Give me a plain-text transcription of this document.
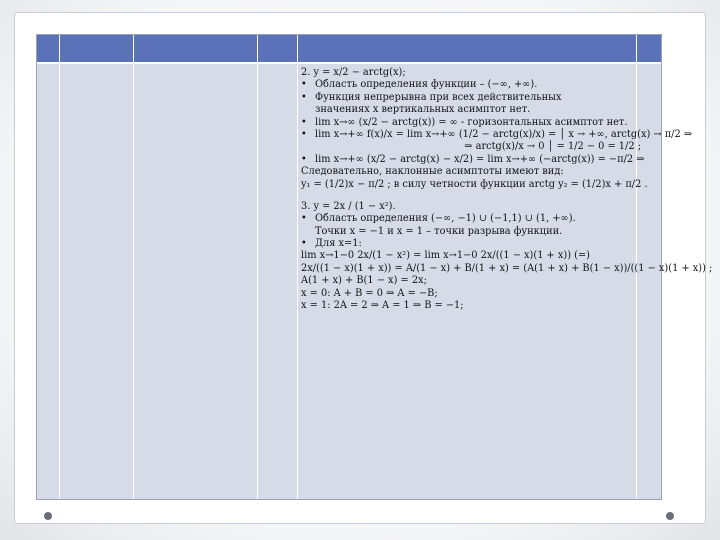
2. y = x/2 − arctg(x);
• Область определения функции – (−∞, +∞).
• Функция непрерывна при всех действительных
значениях x вертикальных асимптот нет.
• lim x→∞ (x/2 − arctg(x)) = ∞ - горизонтальных асимптот нет.
• lim x→+∞ f(x)/x = lim x→+∞ (1/2 − arctg(x)/x) = │ x → +∞, arctg(x) → π/2 ⇒
⇒ arctg(x)/x → 0 │ = 1/2 − 0 = 1/2 ;
• lim x→+∞ (x/2 − arctg(x) − x/2) = lim x→+∞ (−arctg(x)) = −π/2 ⇒
Следовательно, наклонные асимптоты имеют вид:
y₁ = (1/2)x − π/2 ; в силу четности функции arctg y₂ = (1/2)x + π/2 .
3. y = 2x / (1 − x²).
• Область определения (−∞, −1) ∪ (−1,1) ∪ (1, +∞).
Точки x = −1 и x = 1 – точки разрыва функции.
• Для x=1:
lim x→1−0 2x/(1 − x²) = lim x→1−0 2x/((1 − x)(1 + x)) (=)
2x/((1 − x)(1 + x)) = A/(1 − x) + B/(1 + x) = (A(1 + x) + B(1 − x))/((1 − x)(1 + x)) ;
A(1 + x) + B(1 − x) = 2x;
x = 0: A + B = 0 ⇒ A = −B;
x = 1: 2A = 2 ⇒ A = 1 ⇒ B = −1;
